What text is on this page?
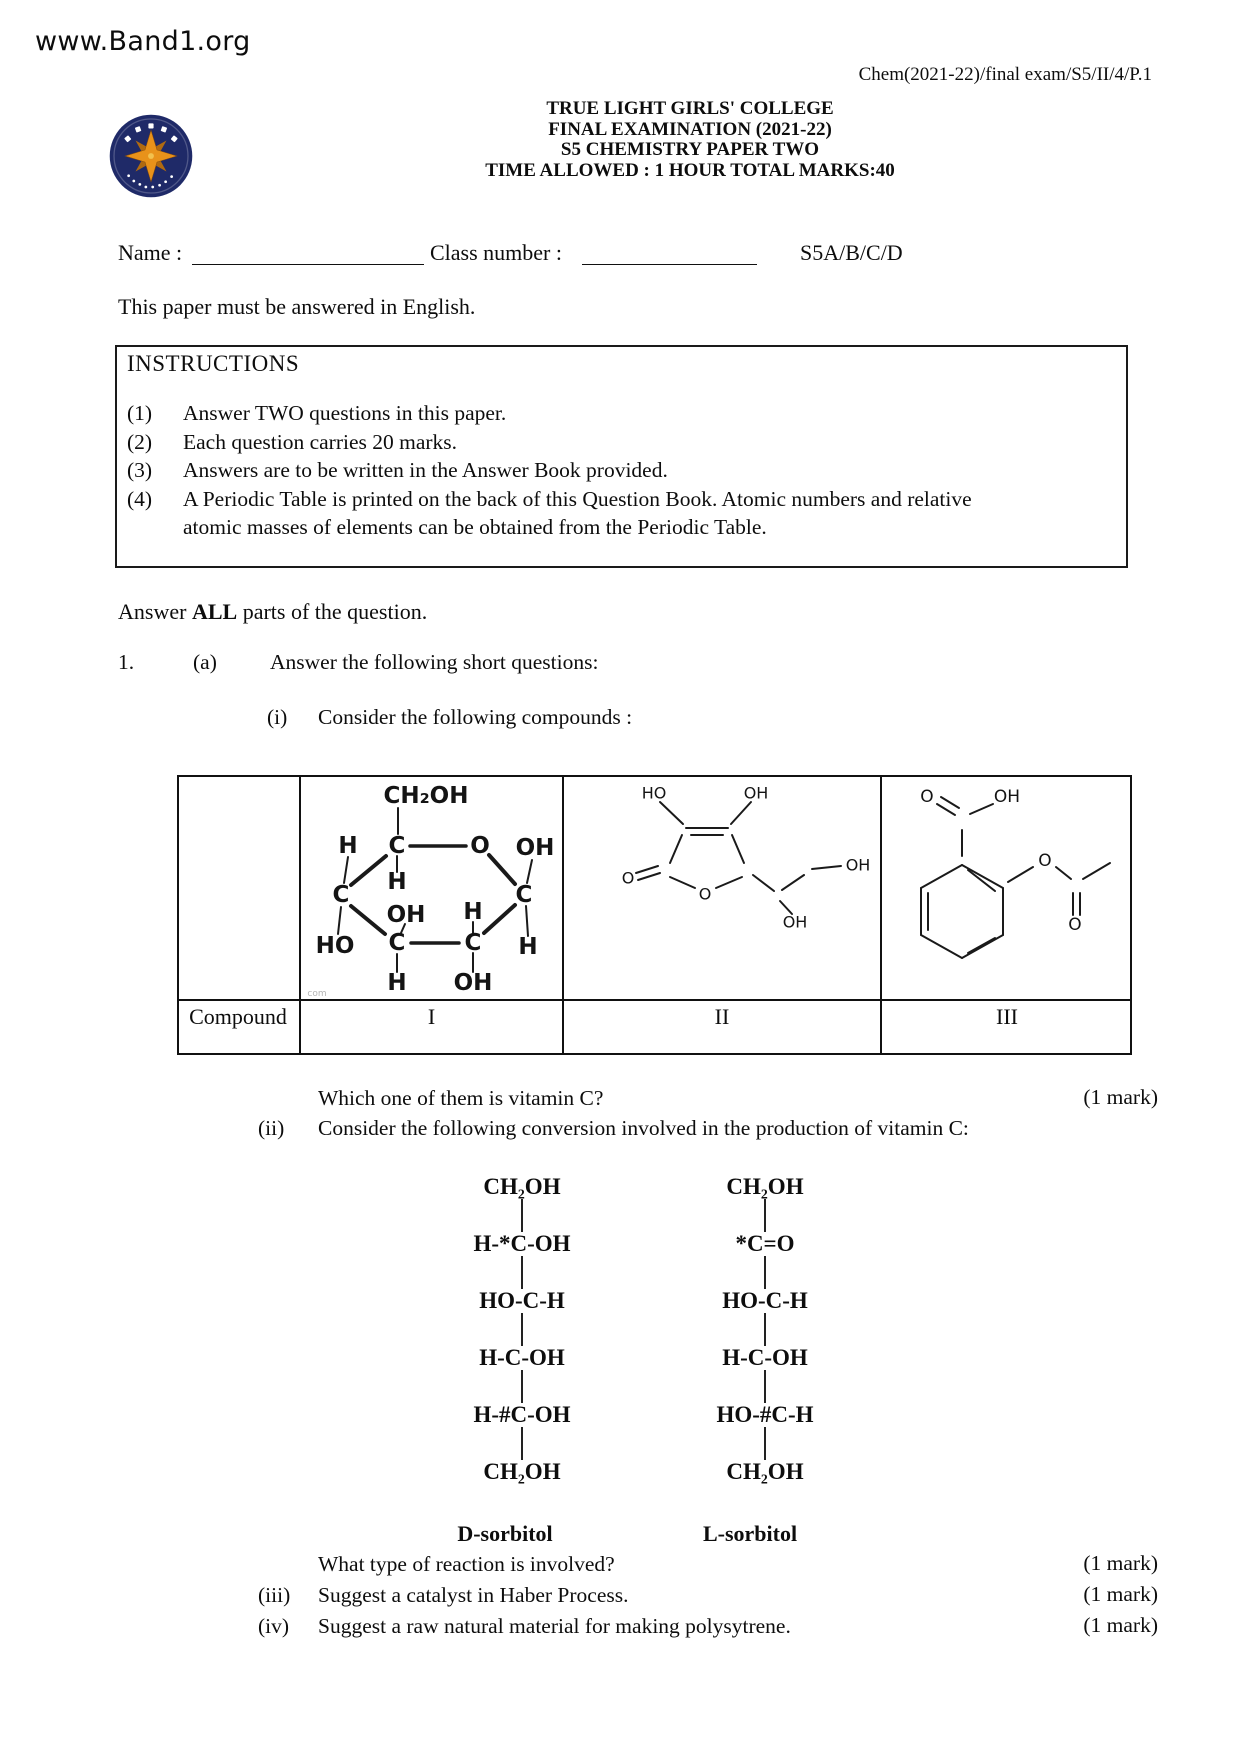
www.Band1.org
Chem(2021-22)/final exam/S5/II/4/P.1
TRUE LIGHT GIRLS' COLLEGE
FINAL EXAMINATION (2021-22)
S5 CHEMISTRY PAPER TWO
TIME ALLOWED : 1 HOUR TOTAL MARKS:40
Name :	Class number :	S5A/B/C/D
This paper must be answered in English.
INSTRUCTIONS
(1)	Answer TWO questions in this paper.
(2)	Each question carries 20 marks.
(3)	Answers are to be written in the Answer Book provided.
(4)	A Periodic Table is printed on the back of this Question Book. Atomic numbers and relative
atomic masses of elements can be obtained from the Periodic Table.
Answer ALL parts of the question.
1.	(a) Answer the following short questions:
(i) Consider the following compounds :
CH₂OH
H C	O OH
H
C
OH H
C
HO C	C H
H OH
com
HO	OH
O
O
OH
OH
O	OH
O
O
Compound	I	II	III
Which one of them is vitamin C?	(1 mark)
(ii) Consider the following conversion involved in the production of vitamin C:
CH₂OH
H-*C-OH
HO-C-H
H-C-OH
H-#C-OH
CH₂OH
CH₂OH
*C=O
HO-C-H
H-C-OH
HO-#C-H
CH₂OH
D-sorbitol	L-sorbitol
What type of reaction is involved?	(1 mark)
(iii) Suggest a catalyst in Haber Process.	(1 mark)
(iv) Suggest a raw natural material for making polysytrene.	(1 mark)
